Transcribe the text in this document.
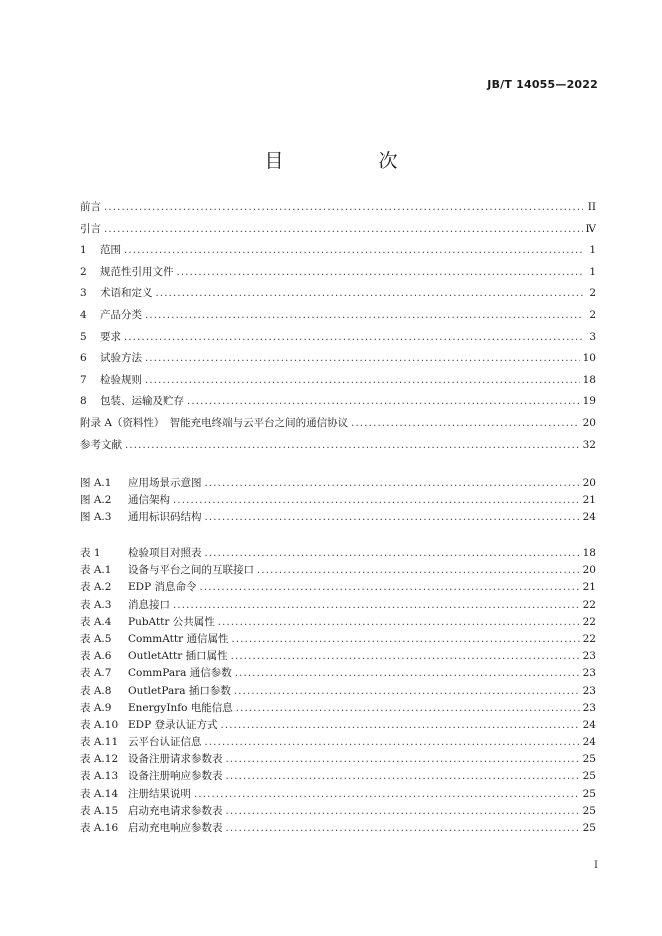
JB/T 14055—2022
目　次
前言 .....	II
引言 .....	Ⅳ
1	范围 .....	1
2	规范性引用文件 .....	1
3	术语和定义 .....	2
4	产品分类 .....	2
5	要求 .....	3
6	试验方法 .....	10
7	检验规则 .....	18
8	包装、运输及贮存 .....	19
附录 A（资料性）　智能充电终端与云平台之间的通信协议 .....	20
参考文献 .....	32
图 A.1	应用场景示意图 .....	20
图 A.2	通信架构 .....	21
图 A.3	通用标识码结构 .....	24
表 1	检验项目对照表 .....	18
表 A.1	设备与平台之间的互联接口 .....	20
表 A.2	EDP 消息命令 .....	21
表 A.3	消息接口 .....	22
表 A.4	PubAttr 公共属性 .....	22
表 A.5	CommAttr 通信属性 .....	22
表 A.6	OutletAttr 插口属性 .....	23
表 A.7	CommPara 通信参数 .....	23
表 A.8	OutletPara 插口参数 .....	23
表 A.9	EnergyInfo 电能信息 .....	23
表 A.10 EDP 登录认证方式 .....	24
表 A.11 云平台认证信息 .....	24
表 A.12 设备注册请求参数表 .....	25
表 A.13 设备注册响应参数表 .....	25
表 A.14 注册结果说明 .....	25
表 A.15 启动充电请求参数表 .....	25
表 A.16 启动充电响应参数表 .....	25
I
